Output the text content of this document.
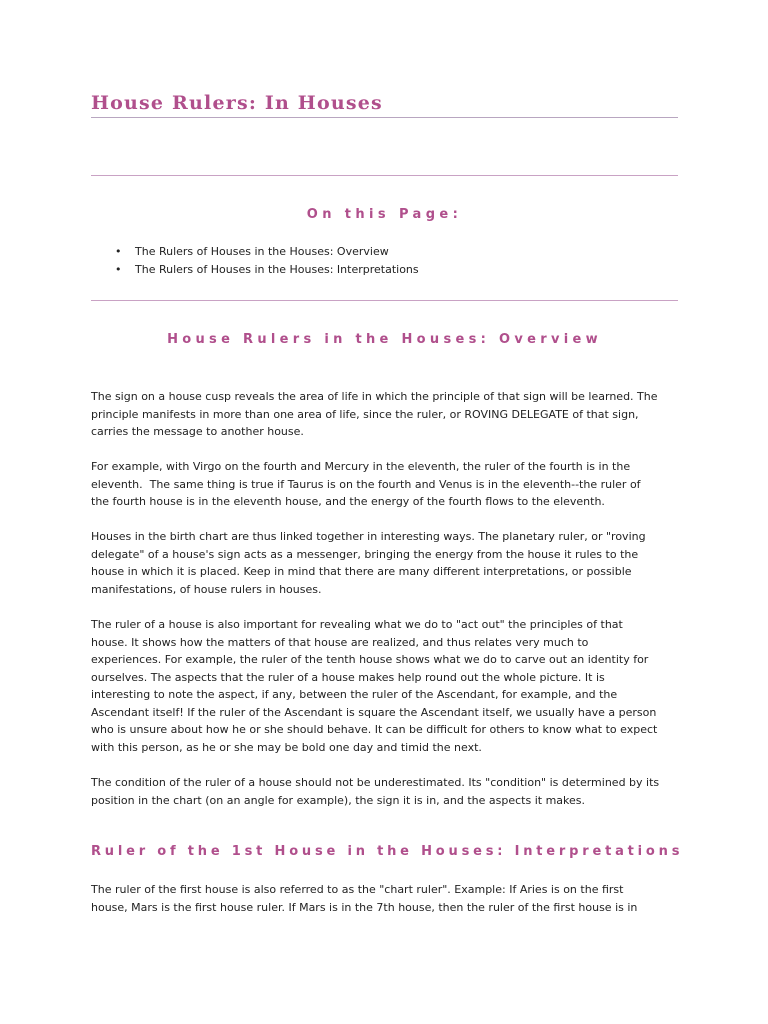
House Rulers: In Houses
On this Page:
• The Rulers of Houses in the Houses: Overview
• The Rulers of Houses in the Houses: Interpretations
House Rulers in the Houses: Overview

The sign on a house cusp reveals the area of life in which the principle of that sign will be learned. The
principle manifests in more than one area of life, since the ruler, or ROVING DELEGATE of that sign,
carries the message to another house.

For example, with Virgo on the fourth and Mercury in the eleventh, the ruler of the fourth is in the
eleventh.  The same thing is true if Taurus is on the fourth and Venus is in the eleventh--the ruler of
the fourth house is in the eleventh house, and the energy of the fourth flows to the eleventh.

Houses in the birth chart are thus linked together in interesting ways. The planetary ruler, or "roving
delegate" of a house's sign acts as a messenger, bringing the energy from the house it rules to the
house in which it is placed. Keep in mind that there are many different interpretations, or possible
manifestations, of house rulers in houses.

The ruler of a house is also important for revealing what we do to "act out" the principles of that
house. It shows how the matters of that house are realized, and thus relates very much to
experiences. For example, the ruler of the tenth house shows what we do to carve out an identity for
ourselves. The aspects that the ruler of a house makes help round out the whole picture. It is
interesting to note the aspect, if any, between the ruler of the Ascendant, for example, and the
Ascendant itself! If the ruler of the Ascendant is square the Ascendant itself, we usually have a person
who is unsure about how he or she should behave. It can be difficult for others to know what to expect
with this person, as he or she may be bold one day and timid the next.

The condition of the ruler of a house should not be underestimated. Its "condition" is determined by its
position in the chart (on an angle for example), the sign it is in, and the aspects it makes.

Ruler of the 1st House in the Houses: Interpretations

The ruler of the first house is also referred to as the "chart ruler". Example: If Aries is on the first
house, Mars is the first house ruler. If Mars is in the 7th house, then the ruler of the first house is in
